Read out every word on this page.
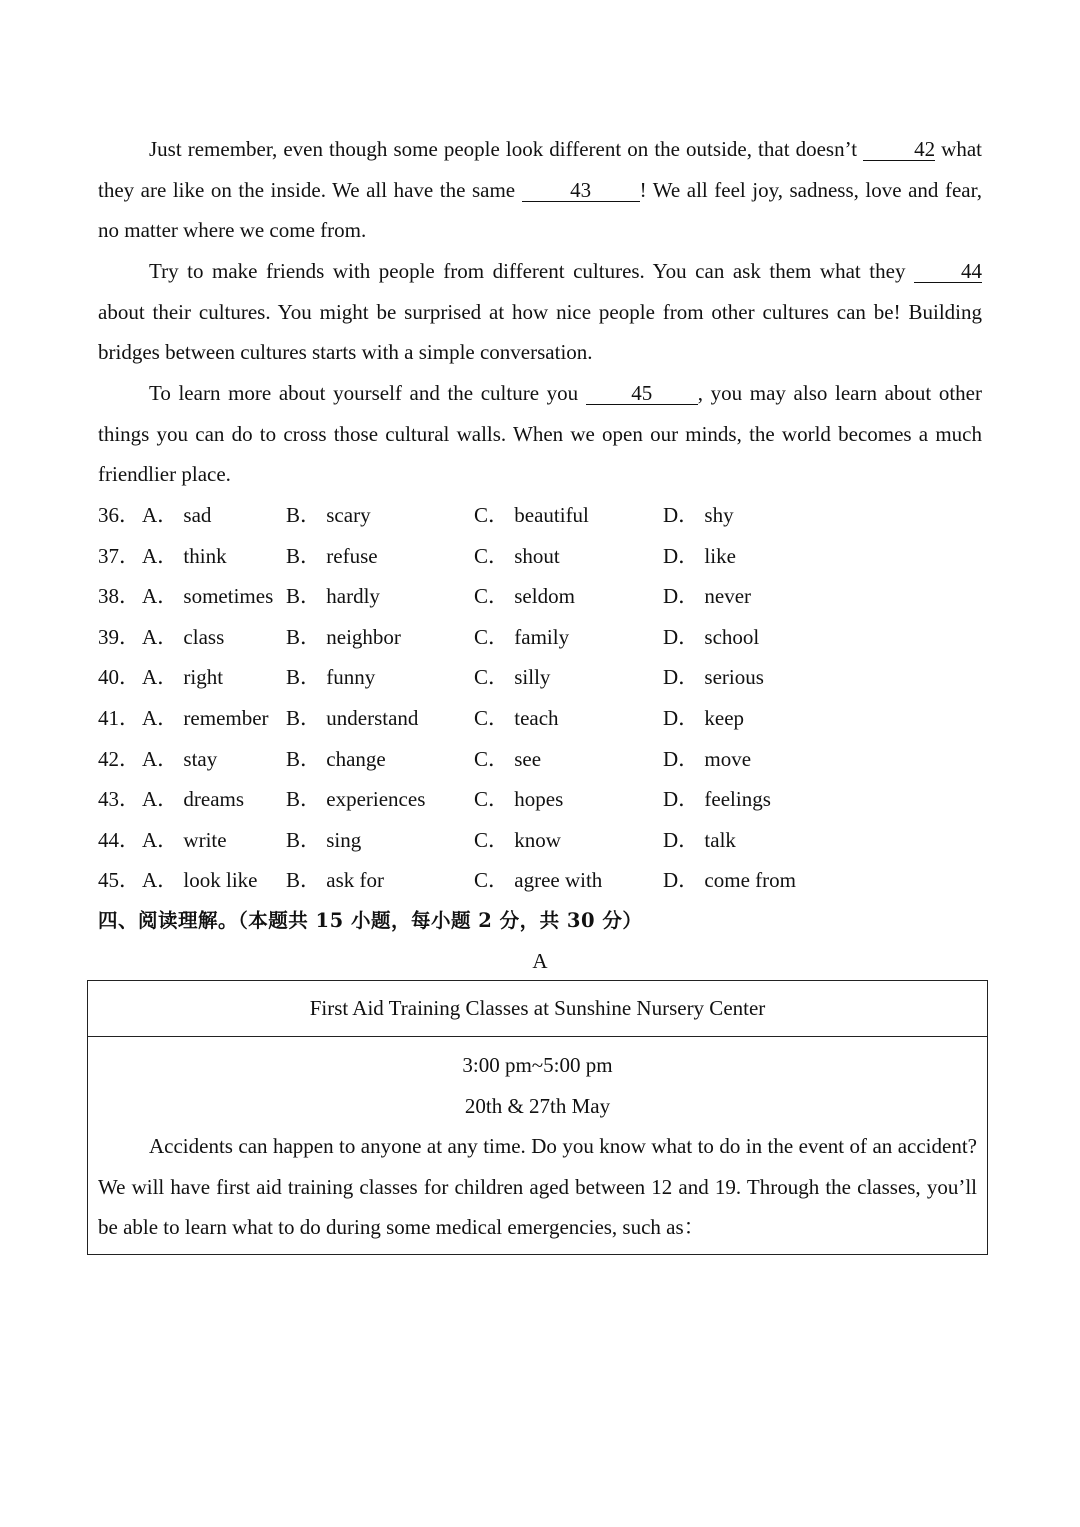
Just remember, even though some people look different on the outside, that doesn’t 42 what they are like on the inside. We all have the same 43 ! We all feel joy, sadness, love and fear, no matter where we come from.

Try to make friends with people from different cultures. You can ask them what they 44 about their cultures. You might be surprised at how nice people from other cultures can be! Building bridges between cultures starts with a simple conversation.

To learn more about yourself and the culture you 45 , you may also learn about other things you can do to cross those cultural walls. When we open our minds, the world becomes a much friendlier place.

36． A． sad	B． scary	C． beautiful	D． shy
37． A． think	B． refuse	C． shout	D． like
38． A． sometimes B． hardly	C． seldom	D． never
39． A． class	B． neighbor	C． family	D． school
40． A． right	B． funny	C． silly	D． serious
41． A． remember B． understand	C． teach	D． keep
42． A． stay	B． change	C． see	D． move
43． A． dreams B． experiences C． hopes	D． feelings
44． A． write	B． sing	C． know	D． talk
45． A． look like B． ask for	C． agree with	D． come from
四、阅读理解。（本题共 15 小题，每小题 2 分，共 30 分）
A
First Aid Training Classes at Sunshine Nursery Center
3:00 pm~5:00 pm
20th & 27th May

Accidents can happen to anyone at any time. Do you know what to do in the event of an accident? We will have first aid training classes for children aged between 12 and 19. Through the classes, you’ll be able to learn what to do during some medical emergencies, such as：
